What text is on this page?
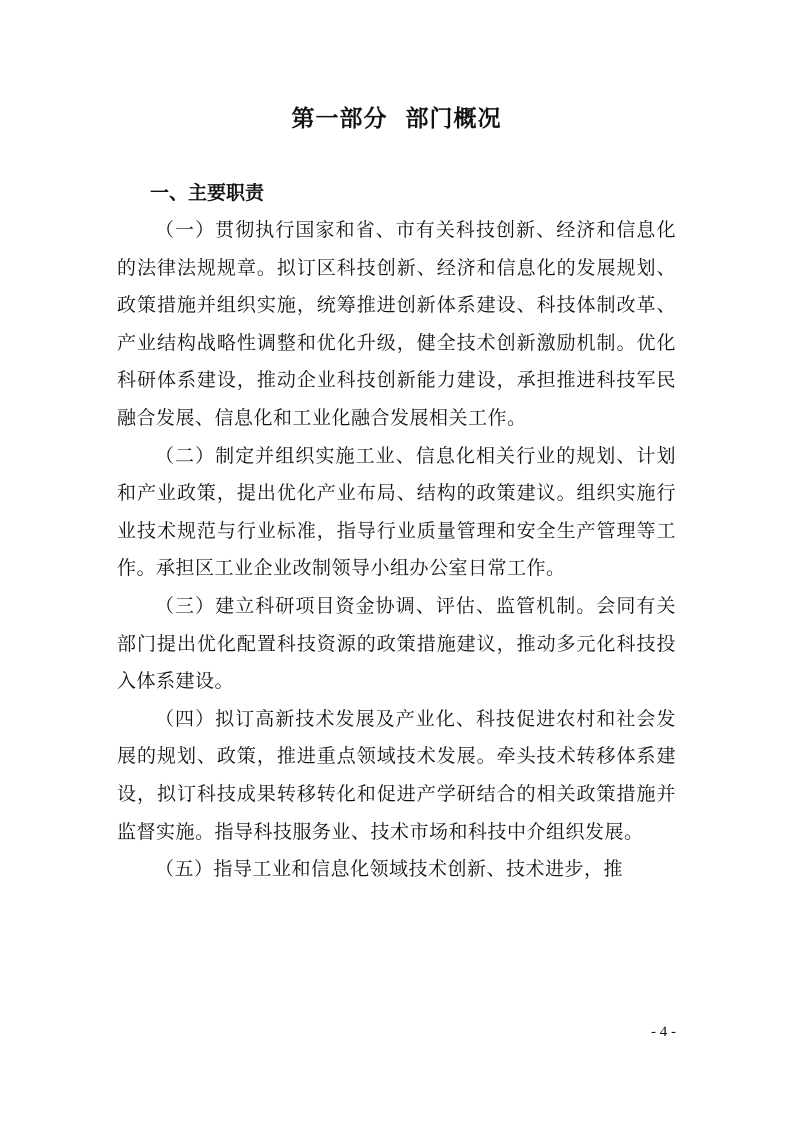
第一部分  部门概况
一、主要职责

（一）贯彻执行国家和省、市有关科技创新、经济和信息化的法律法规规章。拟订区科技创新、经济和信息化的发展规划、政策措施并组织实施，统筹推进创新体系建设、科技体制改革、产业结构战略性调整和优化升级，健全技术创新激励机制。优化科研体系建设，推动企业科技创新能力建设，承担推进科技军民融合发展、信息化和工业化融合发展相关工作。

（二）制定并组织实施工业、信息化相关行业的规划、计划和产业政策，提出优化产业布局、结构的政策建议。组织实施行业技术规范与行业标准，指导行业质量管理和安全生产管理等工作。承担区工业企业改制领导小组办公室日常工作。

（三）建立科研项目资金协调、评估、监管机制。会同有关部门提出优化配置科技资源的政策措施建议，推动多元化科技投入体系建设。

（四）拟订高新技术发展及产业化、科技促进农村和社会发展的规划、政策，推进重点领域技术发展。牵头技术转移体系建设，拟订科技成果转移转化和促进产学研结合的相关政策措施并监督实施。指导科技服务业、技术市场和科技中介组织发展。

（五）指导工业和信息化领域技术创新、技术进步，推

- 4 -
